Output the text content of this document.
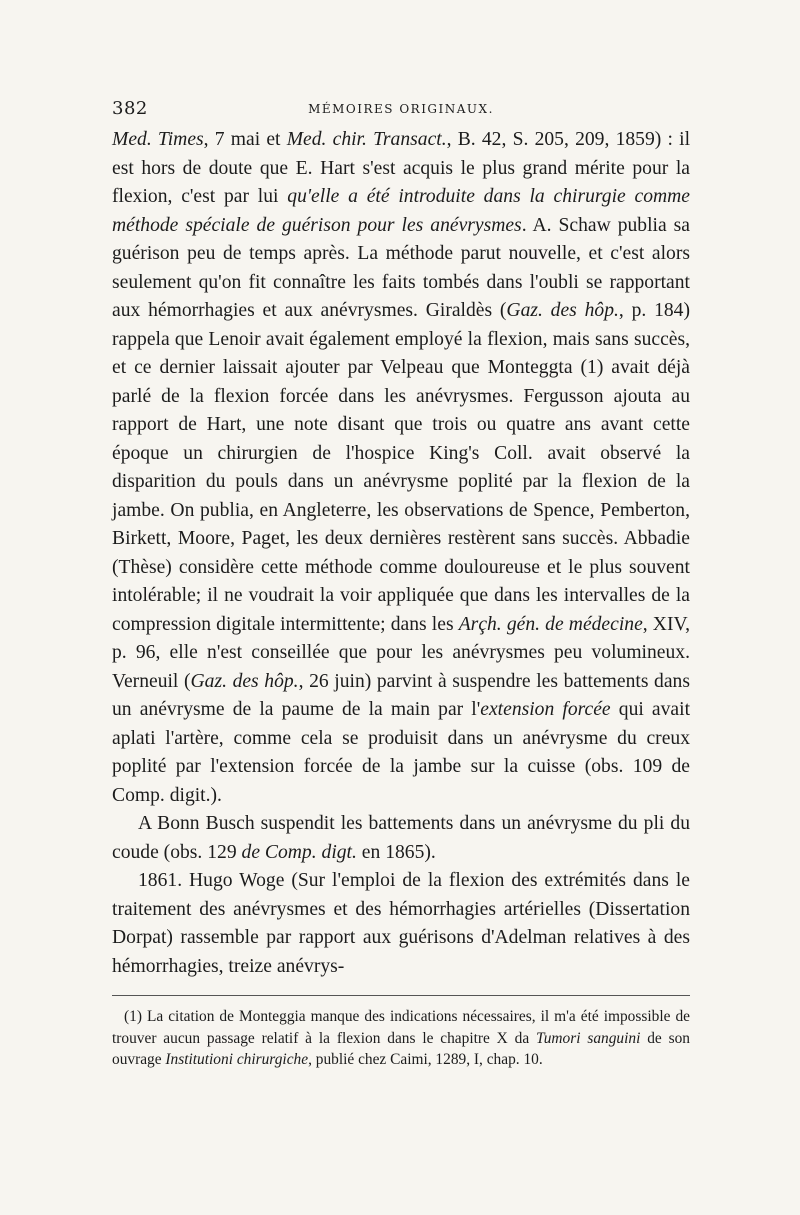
382	MÉMOIRES ORIGINAUX.

Med. Times, 7 mai et Med. chir. Transact., B. 42, S. 205, 209, 1859) : il est hors de doute que E. Hart s'est acquis le plus grand mérite pour la flexion, c'est par lui qu'elle a été introduite dans la chirurgie comme méthode spéciale de guérison pour les anévrysmes. A. Schaw publia sa guérison peu de temps après. La méthode parut nouvelle, et c'est alors seulement qu'on fit connaître les faits tombés dans l'oubli se rapportant aux hémorrhagies et aux anévrysmes. Giraldès (Gaz. des hôp., p. 184) rappela que Lenoir avait également employé la flexion, mais sans succès, et ce dernier laissait ajouter par Velpeau que Monteggta (1) avait déjà parlé de la flexion forcée dans les anévrysmes. Fergusson ajouta au rapport de Hart, une note disant que trois ou quatre ans avant cette époque un chirurgien de l'hospice King's Coll. avait observé la disparition du pouls dans un anévrysme poplité par la flexion de la jambe. On publia, en Angleterre, les observations de Spence, Pemberton, Birkett, Moore, Paget, les deux dernières restèrent sans succès. Abbadie (Thèse) considère cette méthode comme douloureuse et le plus souvent intolérable; il ne voudrait la voir appliquée que dans les intervalles de la compression digitale intermittente; dans les Arçh. gén. de médecine, XIV, p. 96, elle n'est conseillée que pour les anévrysmes peu volumineux. Verneuil (Gaz. des hôp., 26 juin) parvint à suspendre les battements dans un anévrysme de la paume de la main par l'extension forcée qui avait aplati l'artère, comme cela se produisit dans un anévrysme du creux poplité par l'extension forcée de la jambe sur la cuisse (obs. 109 de Comp. digit.).

A Bonn Busch suspendit les battements dans un anévrysme du pli du coude (obs. 129 de Comp. digt. en 1865).

1861. Hugo Woge (Sur l'emploi de la flexion des extrémités dans le traitement des anévrysmes et des hémorrhagies artérielles (Dissertation Dorpat) rassemble par rapport aux guérisons d'Adelman relatives à des hémorrhagies, treize anévrys-

(1) La citation de Monteggia manque des indications nécessaires, il m'a été impossible de trouver aucun passage relatif à la flexion dans le chapitre X da Tumori sanguini de son ouvrage Institutioni chirurgiche, publié chez Caimi, 1289, I, chap. 10.
